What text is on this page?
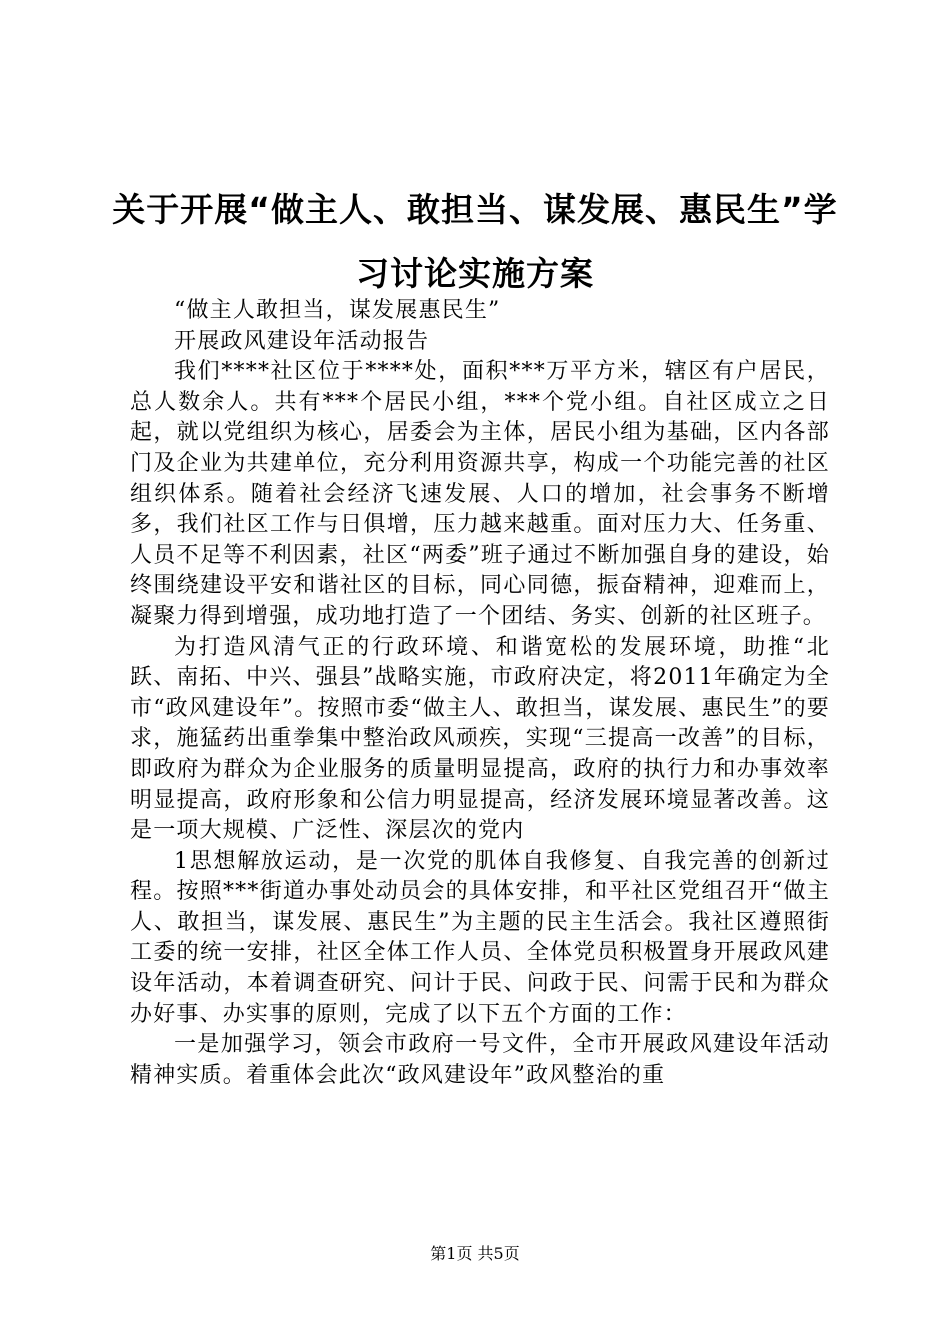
关于开展“做主人、敢担当、谋发展、惠民生”学习讨论实施方案

“做主人敢担当，谋发展惠民生”

开展政风建设年活动报告

我们****社区位于****处，面积***万平方米，辖区有户居民，总人数余人。共有***个居民小组，***个党小组。自社区成立之日起，就以党组织为核心，居委会为主体，居民小组为基础，区内各部门及企业为共建单位，充分利用资源共享，构成一个功能完善的社区组织体系。随着社会经济飞速发展、人口的增加，社会事务不断增多，我们社区工作与日俱增，压力越来越重。面对压力大、任务重、人员不足等不利因素，社区“两委”班子通过不断加强自身的建设，始终围绕建设平安和谐社区的目标，同心同德，振奋精神，迎难而上，凝聚力得到增强，成功地打造了一个团结、务实、创新的社区班子。

为打造风清气正的行政环境、和谐宽松的发展环境，助推“北跃、南拓、中兴、强县”战略实施，市政府决定，将2011年确定为全市“政风建设年”。按照市委“做主人、敢担当，谋发展、惠民生”的要求，施猛药出重拳集中整治政风顽疾，实现“三提高一改善”的目标，即政府为群众为企业服务的质量明显提高，政府的执行力和办事效率明显提高，政府形象和公信力明显提高，经济发展环境显著改善。这是一项大规模、广泛性、深层次的党内

1思想解放运动，是一次党的肌体自我修复、自我完善的创新过程。按照***街道办事处动员会的具体安排，和平社区党组召开“做主人、敢担当，谋发展、惠民生”为主题的民主生活会。我社区遵照街工委的统一安排，社区全体工作人员、全体党员积极置身开展政风建设年活动，本着调查研究、问计于民、问政于民、问需于民和为群众办好事、办实事的原则，完成了以下五个方面的工作：

一是加强学习，领会市政府一号文件，全市开展政风建设年活动精神实质。着重体会此次“政风建设年”政风整治的重

第1页 共5页
